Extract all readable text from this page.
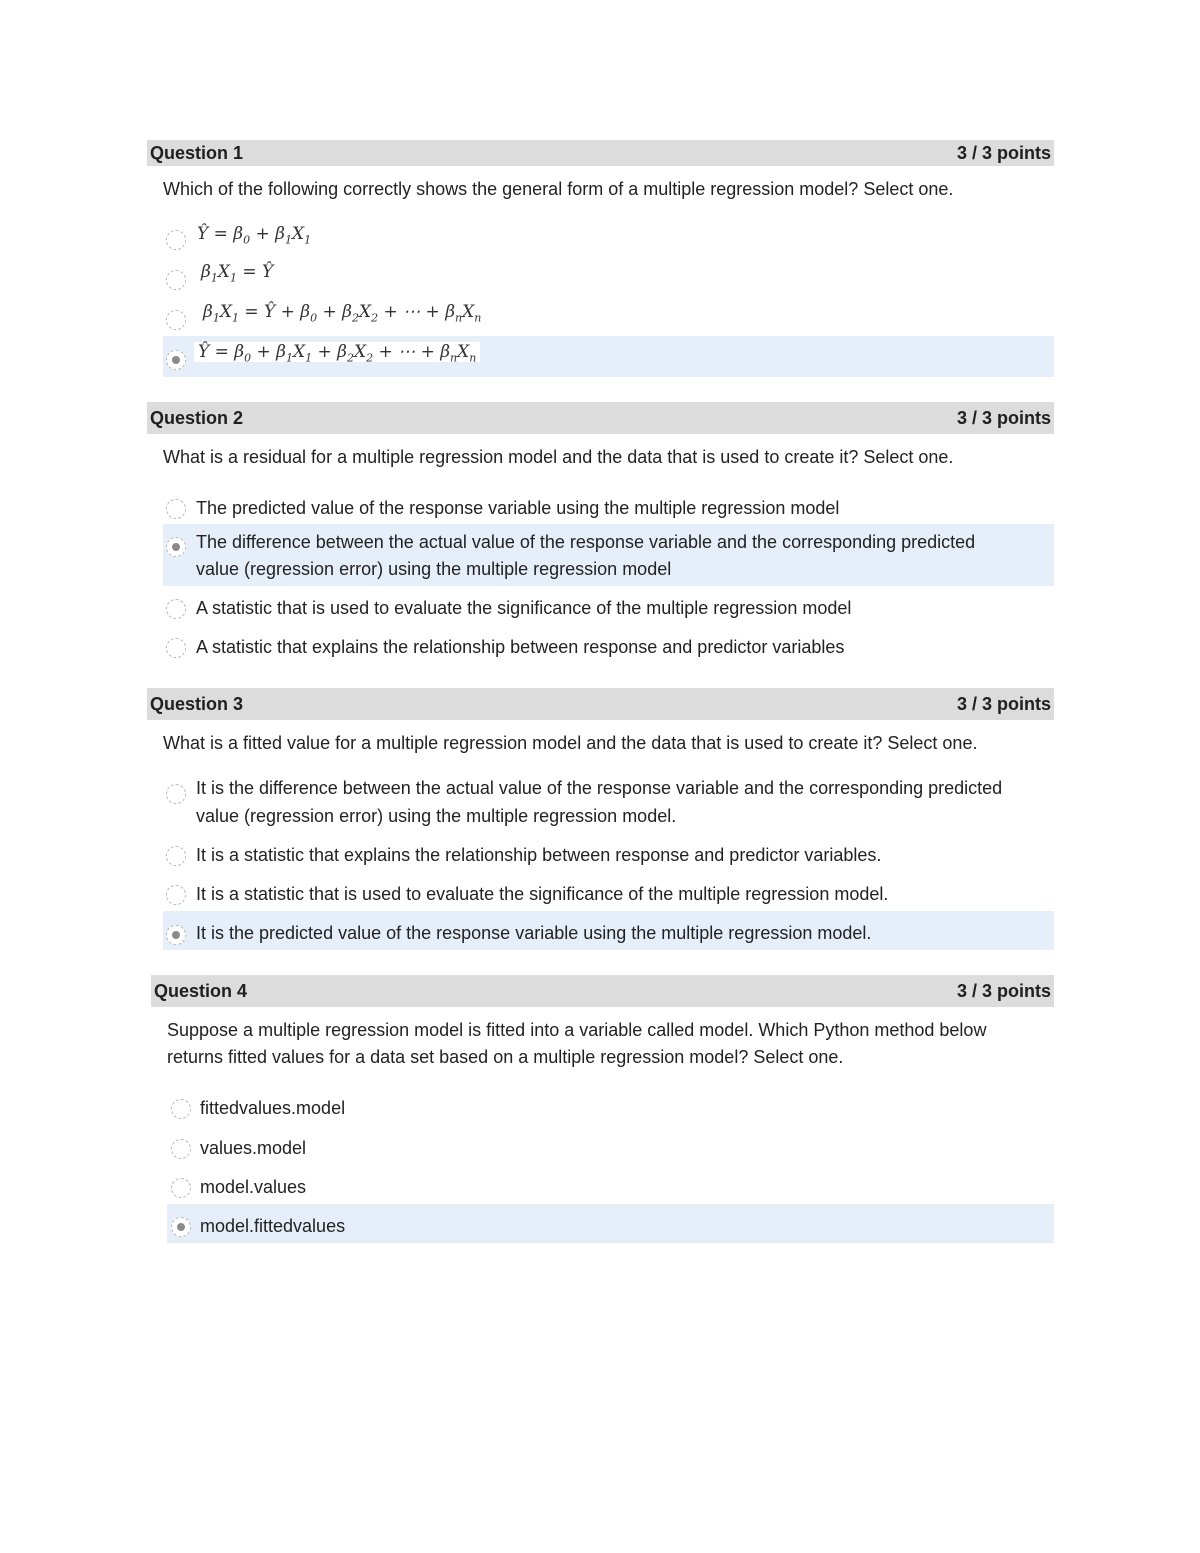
Question 1	3 / 3 points
Which of the following correctly shows the general form of a multiple regression model? Select one.
Ŷ = $\beta_0 + \beta_1X_1$
$\beta_1X_1$ = Ŷ
$\beta_1X_1$ = Ŷ + $\beta_0 + \beta_2X_2$ + ⋯ + $\beta_nX_n$
Ŷ = $\beta_0 + \beta_1X_1 + \beta_2X_2$ + ⋯ + $\beta_nX_n$
Question 2	3 / 3 points
What is a residual for a multiple regression model and the data that is used to create it? Select one.
The predicted value of the response variable using the multiple regression model
The difference between the actual value of the response variable and the corresponding predicted
value (regression error) using the multiple regression model
A statistic that is used to evaluate the significance of the multiple regression model
A statistic that explains the relationship between response and predictor variables
Question 3	3 / 3 points
What is a fitted value for a multiple regression model and the data that is used to create it? Select one.
It is the difference between the actual value of the response variable and the corresponding predicted
value (regression error) using the multiple regression model.
It is a statistic that explains the relationship between response and predictor variables.
It is a statistic that is used to evaluate the significance of the multiple regression model.
It is the predicted value of the response variable using the multiple regression model.
Question 4	3 / 3 points
Suppose a multiple regression model is fitted into a variable called model. Which Python method below
returns fitted values for a data set based on a multiple regression model? Select one.
fittedvalues.model
values.model
model.values
model.fittedvalues
